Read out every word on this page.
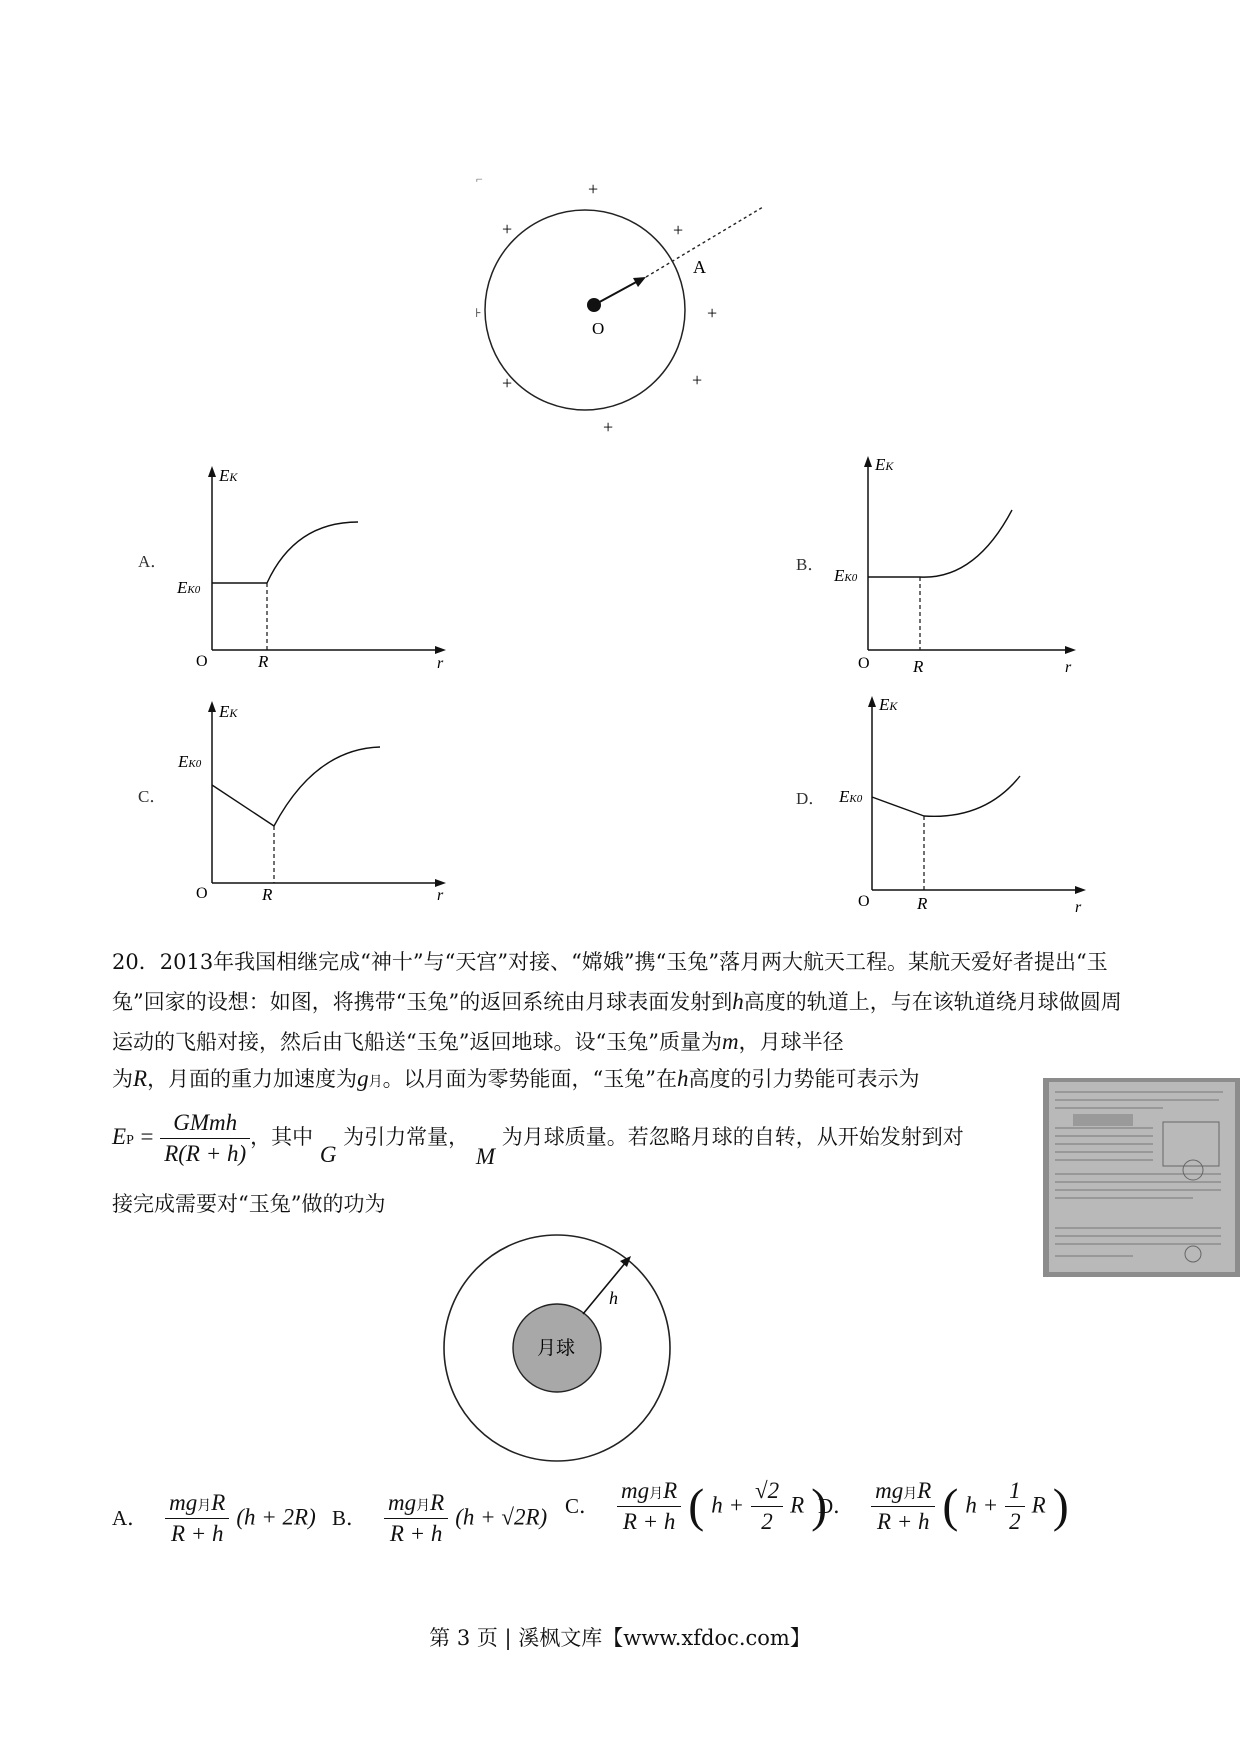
O
A
+
+	+
+
+	+
+
⌐
⊦
A．
EK
EK0
O	R	r
B．
EK
EK0
O	R	r
C．
EK
EK0
O	R	r
D．
EK
EK0
O	R	r
20．2013年我国相继完成“神十”与“天宫”对接、“嫦娥”携“玉兔”落月两大航天工程。某航天爱好者提出“玉兔”回家的设想：如图，将携带“玉兔”的返回系统由月球表面发射到h高度的轨道上，与在该轨道绕月球做圆周运动的飞船对接，然后由飞船送“玉兔”返回地球。设“玉兔”质量为m，月球半径
为R，月面的重力加速度为g月。以月面为零势能面，“玉兔”在h高度的引力势能可表示为
EP = $\frac{\text{GMmh}}{R(R + h)}$ ，其中 G 为引力常量， M 为月球质量。若忽略月球的自转，从开始发射到对
接完成需要对“玉兔”做的功为
月球
h
A． $\frac{\text{mg月R}}{R + h} (h + 2R)$ B． $\frac{\text{mg月R}}{R + h} (h + √2R)$ C． $\frac{\text{mg月R}}{R + h}$ ( $h + \frac{√2}{2}$ R )
D． $\frac{\text{mg月R}}{R + h}$ ( $h + \frac{1}{2}$ R )
第 3 页 | 溪枫文库【www.xfdoc.com】
